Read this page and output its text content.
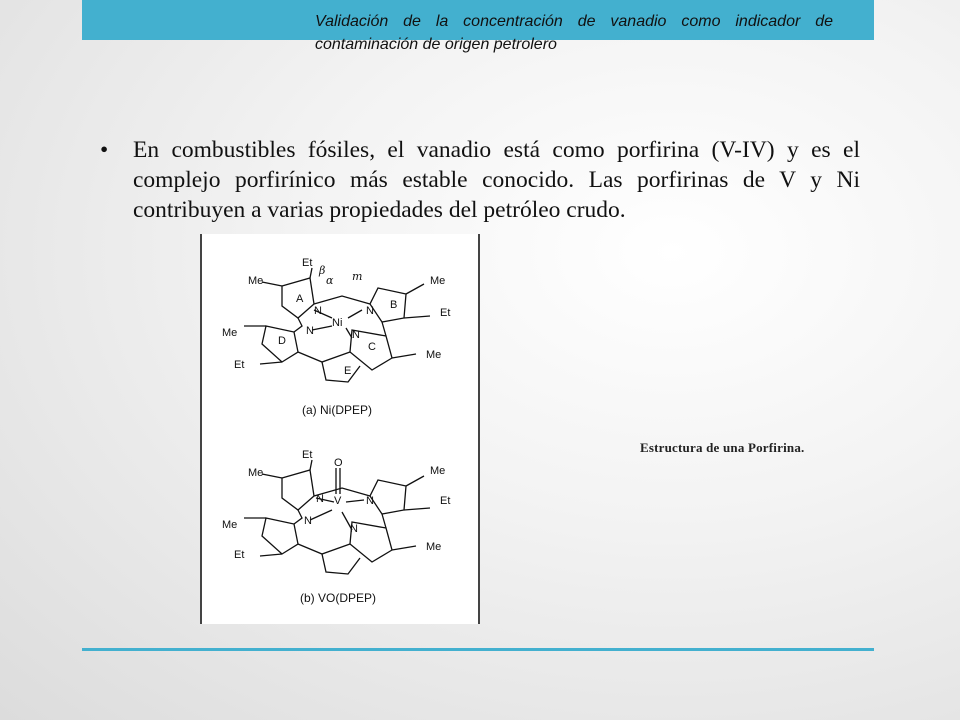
Validación de la concentración de vanadio como indicador de contaminación de origen petrolero
• En combustibles fósiles, el vanadio está como porfirina (V-IV) y es el complejo porfirínico más estable conocido. Las porfirinas de V y Ni contribuyen a varias propiedades del petróleo crudo.
Et
β
α m
Me	Me
Et
Me
Et
Me
A	B
D	C
E
N	N
N	N
Ni
(a) Ni(DPEP)
Et
Me	Me
Et
Me
Et
Me
O
N	N
N
N
V
(b) VO(DPEP)
Estructura de una Porfirina.
